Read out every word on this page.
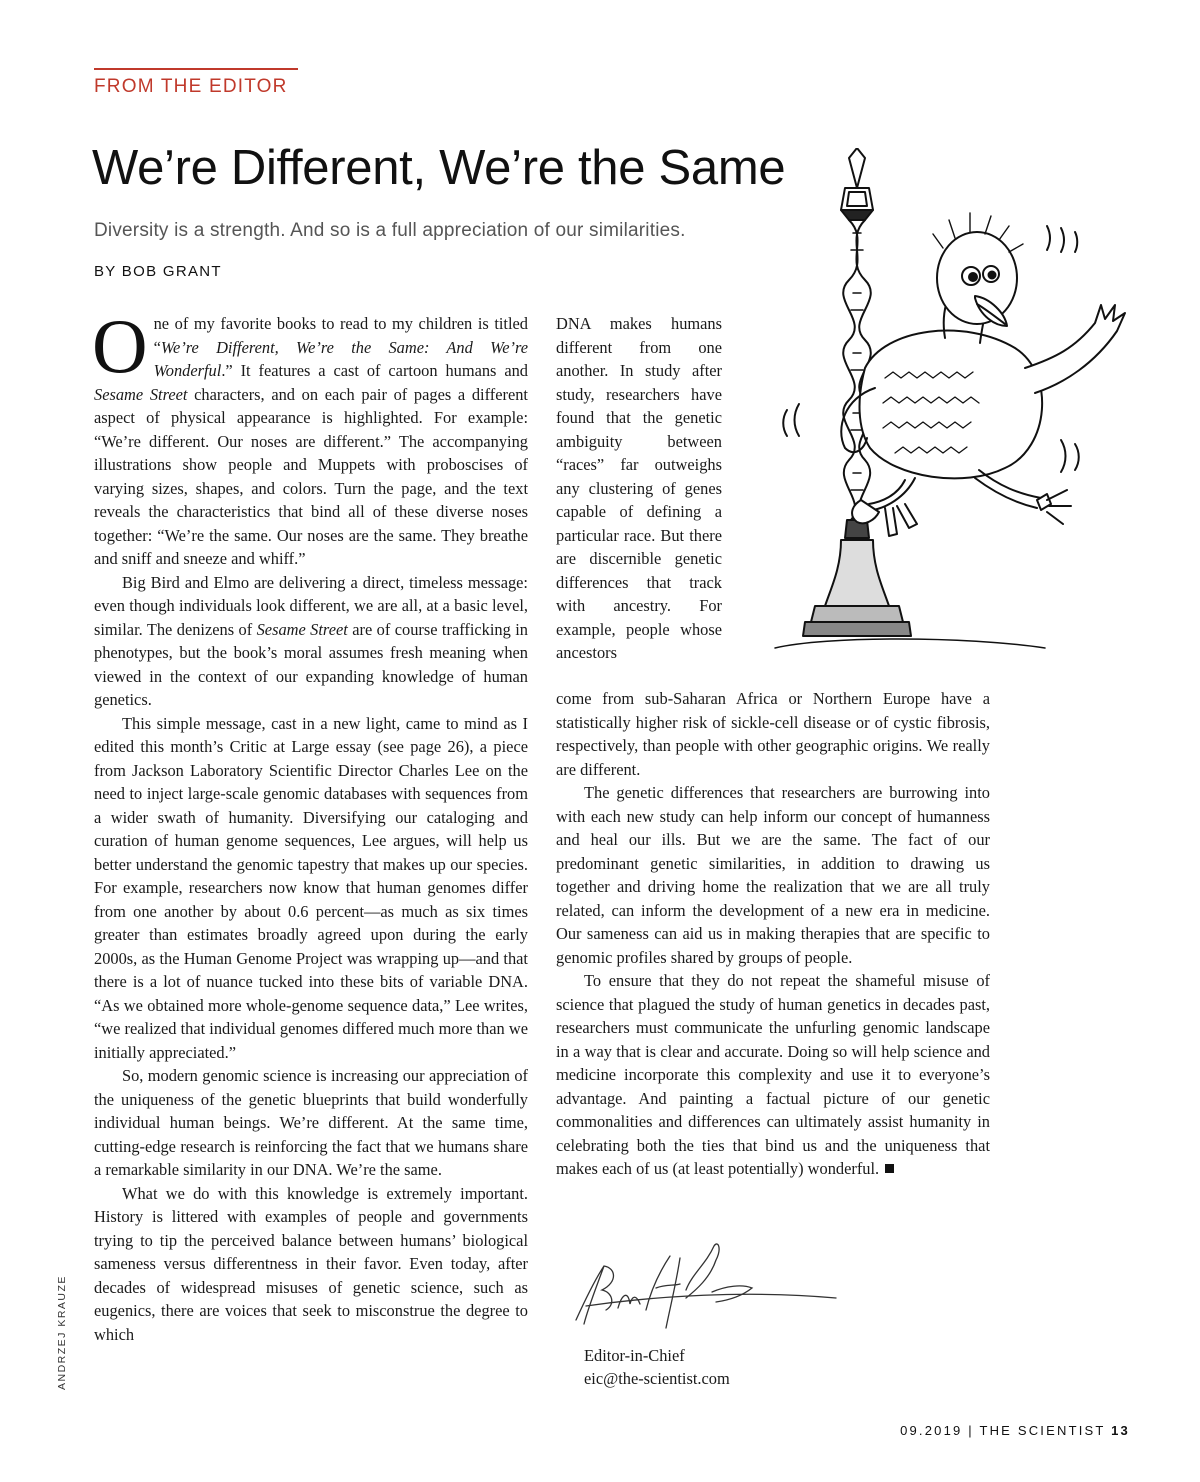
FROM THE EDITOR
We’re Different, We’re the Same
Diversity is a strength. And so is a full appreciation of our similarities.
BY BOB GRANT

One of my favorite books to read to my children is titled “We’re Different, We’re the Same: And We’re Wonderful.” It features a cast of cartoon humans and Sesame Street characters, and on each pair of pages a different aspect of physical appearance is highlighted. For example: “We’re different. Our noses are different.” The accompanying illustrations show people and Muppets with proboscises of varying sizes, shapes, and colors. Turn the page, and the text reveals the characteristics that bind all of these diverse noses together: “We’re the same. Our noses are the same. They breathe and sniff and sneeze and whiff.”

Big Bird and Elmo are delivering a direct, timeless message: even though individuals look different, we are all, at a basic level, similar. The denizens of Sesame Street are of course trafficking in phenotypes, but the book’s moral assumes fresh meaning when viewed in the context of our expanding knowledge of human genetics.

This simple message, cast in a new light, came to mind as I edited this month’s Critic at Large essay (see page 26), a piece from Jackson Laboratory Scientific Director Charles Lee on the need to inject large-scale genomic databases with sequences from a wider swath of humanity. Diversifying our cataloging and curation of human genome sequences, Lee argues, will help us better understand the genomic tapestry that makes up our species. For example, researchers now know that human genomes differ from one another by about 0.6 percent—as much as six times greater than estimates broadly agreed upon during the early 2000s, as the Human Genome Project was wrapping up—and that there is a lot of nuance tucked into these bits of variable DNA. “As we obtained more whole-genome sequence data,” Lee writes, “we realized that individual genomes differed much more than we initially appreciated.”

So, modern genomic science is increasing our appreciation of the uniqueness of the genetic blueprints that build wonderfully individual human beings. We’re different. At the same time, cutting-edge research is reinforcing the fact that we humans share a remarkable similarity in our DNA. We’re the same.

What we do with this knowledge is extremely important. History is littered with examples of people and governments trying to tip the perceived balance between humans’ biological sameness versus differentness in their favor. Even today, after decades of widespread misuses of genetic science, such as eugenics, there are voices that seek to misconstrue the degree to which

DNA makes humans different from one another. In study after study, researchers have found that the genetic ambiguity between “races” far outweighs any clustering of genes capable of defining a particular race. But there are discernible genetic differences that track with ancestry. For example, people whose ancestors

come from sub-Saharan Africa or Northern Europe have a statistically higher risk of sickle-cell disease or of cystic fibrosis, respectively, than people with other geographic origins. We really are different.

The genetic differences that researchers are burrowing into with each new study can help inform our concept of humanness and heal our ills. But we are the same. The fact of our predominant genetic similarities, in addition to drawing us together and driving home the realization that we are all truly related, can inform the development of a new era in medicine. Our sameness can aid us in making therapies that are specific to genomic profiles shared by groups of people.

To ensure that they do not repeat the shameful misuse of science that plagued the study of human genetics in decades past, researchers must communicate the unfurling genomic landscape in a way that is clear and accurate. Doing so will help science and medicine incorporate this complexity and use it to everyone’s advantage. And painting a factual picture of our genetic commonalities and differences can ultimately assist humanity in celebrating both the ties that bind us and the uniqueness that makes each of us (at least potentially) wonderful.

Editor-in-Chief
eic@the-scientist.com
ANDRZEJ KRAUZE
09.2019 | THE SCIENTIST 13
